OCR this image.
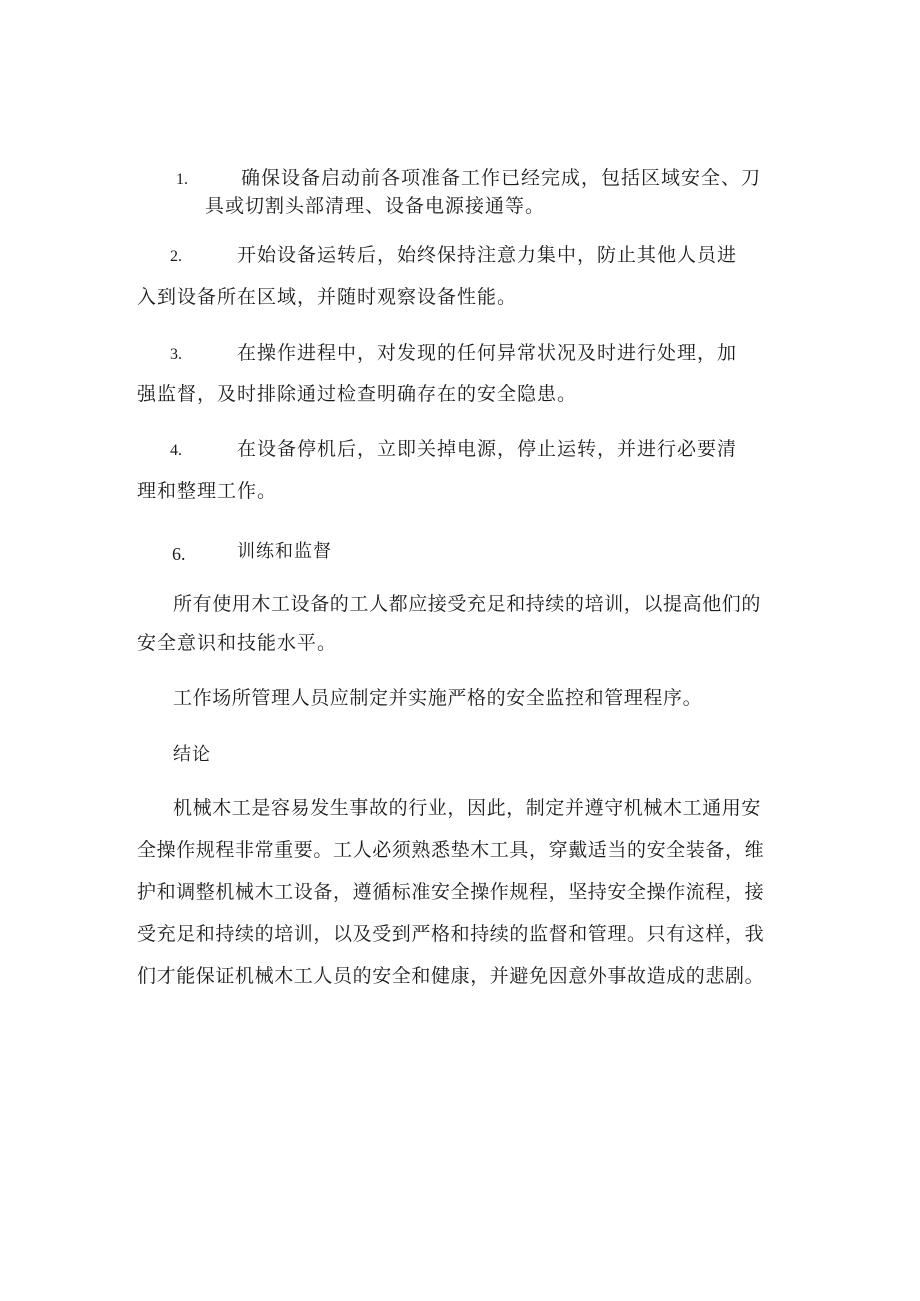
1.	确保设备启动前各项准备工作已经完成，包括区域安全、刀
具或切割头部清理、设备电源接通等。
2.	开始设备运转后，始终保持注意力集中，防止其他人员进
入到设备所在区域，并随时观察设备性能。
3.	在操作进程中，对发现的任何异常状况及时进行处理，加
强监督，及时排除通过检查明确存在的安全隐患。
4.	在设备停机后，立即关掉电源，停止运转，并进行必要清
理和整理工作。
6.	训练和监督
所有使用木工设备的工人都应接受充足和持续的培训，以提高他们的
安全意识和技能水平。
工作场所管理人员应制定并实施严格的安全监控和管理程序。
结论
机械木工是容易发生事故的行业，因此，制定并遵守机械木工通用安
全操作规程非常重要。工人必须熟悉垫木工具，穿戴适当的安全装备，维
护和调整机械木工设备，遵循标准安全操作规程，坚持安全操作流程，接
受充足和持续的培训，以及受到严格和持续的监督和管理。只有这样，我
们才能保证机械木工人员的安全和健康，并避免因意外事故造成的悲剧。
